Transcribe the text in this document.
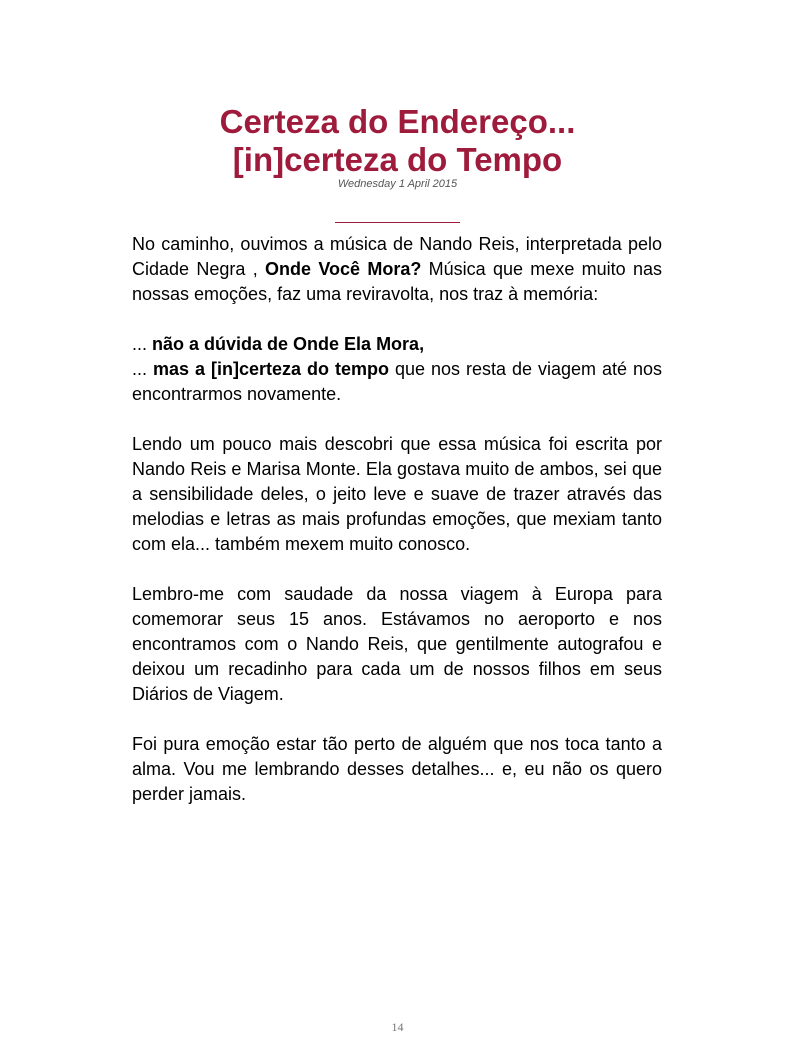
Certeza do Endereço...
[in]certeza do Tempo
Wednesday 1 April 2015

No caminho, ouvimos a música de Nando Reis, interpretada pelo Cidade Negra , Onde Você Mora? Música que mexe muito nas nossas emoções, faz uma reviravolta, nos traz à memória:

... não a dúvida de Onde Ela Mora,
... mas a [in]certeza do tempo que nos resta de viagem até nos encontrarmos novamente.

Lendo um pouco mais descobri que essa música foi escrita por Nando Reis e Marisa Monte. Ela gostava muito de ambos, sei que a sensibilidade deles, o jeito leve e suave de trazer através das melodias e letras as mais profundas emoções, que mexiam tanto com ela... também mexem muito conosco.

Lembro-me com saudade da nossa viagem à Europa para comemorar seus 15 anos. Estávamos no aeroporto e nos encontramos com o Nando Reis, que gentilmente autografou e deixou um recadinho para cada um de nossos filhos em seus Diários de Viagem.

Foi pura emoção estar tão perto de alguém que nos toca tanto a alma. Vou me lembrando desses detalhes... e, eu não os quero perder jamais.

14
